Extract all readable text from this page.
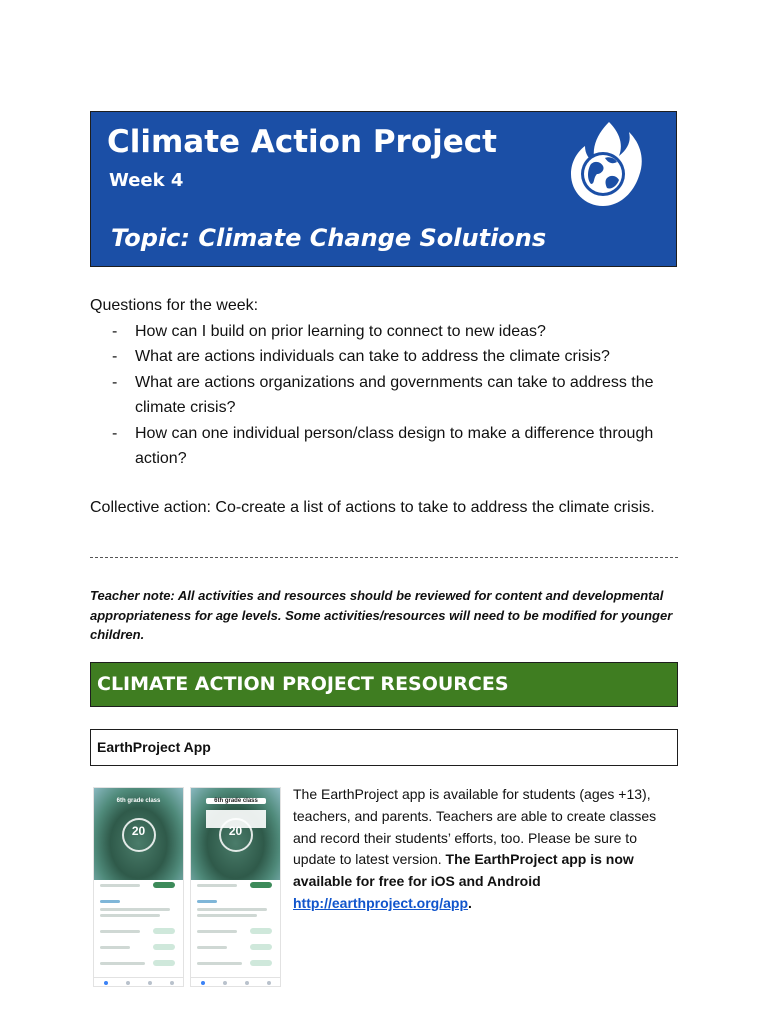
Climate Action Project
Week 4
Topic: Climate Change Solutions
Questions for the week:
- How can I build on prior learning to connect to new ideas?
- What are actions individuals can take to address the climate crisis?
- What are actions organizations and governments can take to address the climate crisis?
- How can one individual person/class design to make a difference through action?
Collective action: Co-create a list of actions to take to address the climate crisis.
Teacher note: All activities and resources should be reviewed for content and developmental appropriateness for age levels. Some activities/resources will need to be modified for younger children.
CLIMATE ACTION PROJECT RESOURCES
EarthProject App
6th grade class
20
6th grade class
20
The EarthProject app is available for students (ages +13), teachers, and parents. Teachers are able to create classes and record their students’ efforts, too. Please be sure to update to latest version. The EarthProject app is now available for free for iOS and Android http://earthproject.org/app.
